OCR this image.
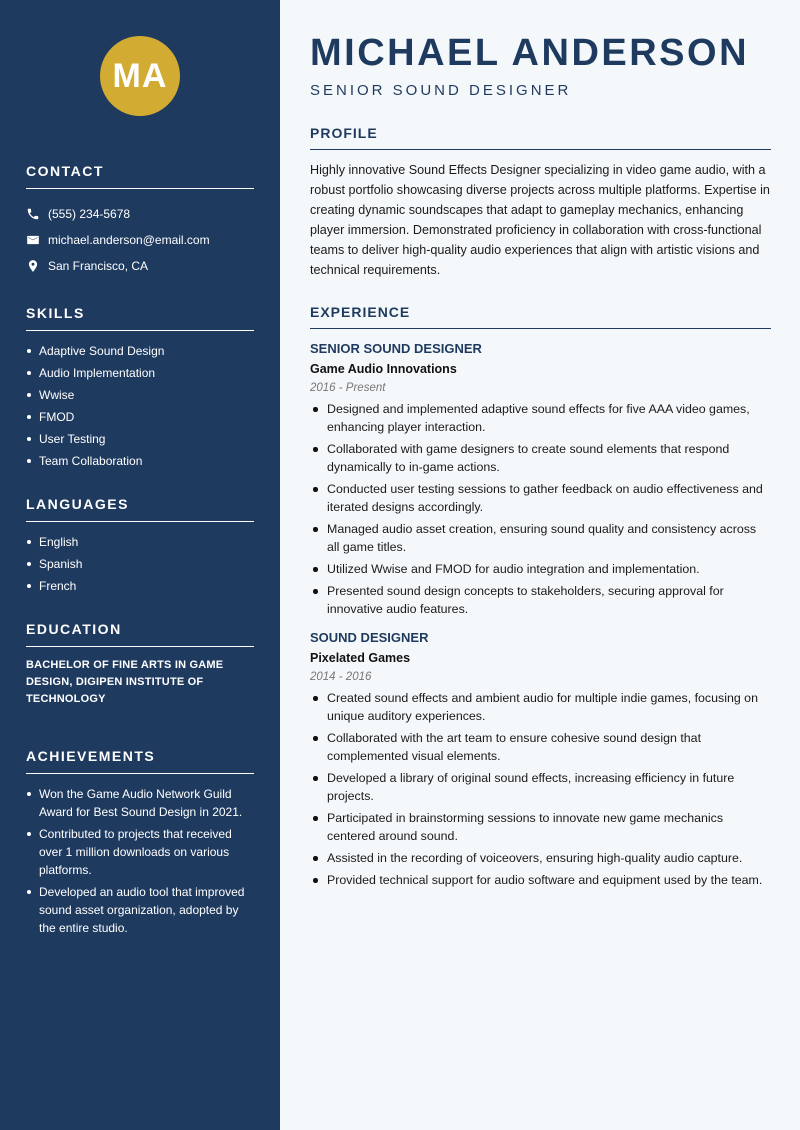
MA
CONTACT
(555) 234-5678
michael.anderson@email.com
San Francisco, CA
SKILLS
Adaptive Sound Design
Audio Implementation
Wwise
FMOD
User Testing
Team Collaboration
LANGUAGES
English
Spanish
French
EDUCATION
BACHELOR OF FINE ARTS IN GAME DESIGN, DIGIPEN INSTITUTE OF TECHNOLOGY
ACHIEVEMENTS
Won the Game Audio Network Guild Award for Best Sound Design in 2021.
Contributed to projects that received over 1 million downloads on various platforms.
Developed an audio tool that improved sound asset organization, adopted by the entire studio.
MICHAEL ANDERSON
SENIOR SOUND DESIGNER
PROFILE

Highly innovative Sound Effects Designer specializing in video game audio, with a robust portfolio showcasing diverse projects across multiple platforms. Expertise in creating dynamic soundscapes that adapt to gameplay mechanics, enhancing player immersion. Demonstrated proficiency in collaboration with cross-functional teams to deliver high-quality audio experiences that align with artistic visions and technical requirements.

EXPERIENCE
SENIOR SOUND DESIGNER
Game Audio Innovations
2016 - Present
Designed and implemented adaptive sound effects for five AAA video games, enhancing player interaction.
Collaborated with game designers to create sound elements that respond dynamically to in-game actions.
Conducted user testing sessions to gather feedback on audio effectiveness and iterated designs accordingly.
Managed audio asset creation, ensuring sound quality and consistency across all game titles.
Utilized Wwise and FMOD for audio integration and implementation.
Presented sound design concepts to stakeholders, securing approval for innovative audio features.
SOUND DESIGNER
Pixelated Games
2014 - 2016
Created sound effects and ambient audio for multiple indie games, focusing on unique auditory experiences.
Collaborated with the art team to ensure cohesive sound design that complemented visual elements.
Developed a library of original sound effects, increasing efficiency in future projects.
Participated in brainstorming sessions to innovate new game mechanics centered around sound.
Assisted in the recording of voiceovers, ensuring high-quality audio capture.
Provided technical support for audio software and equipment used by the team.
